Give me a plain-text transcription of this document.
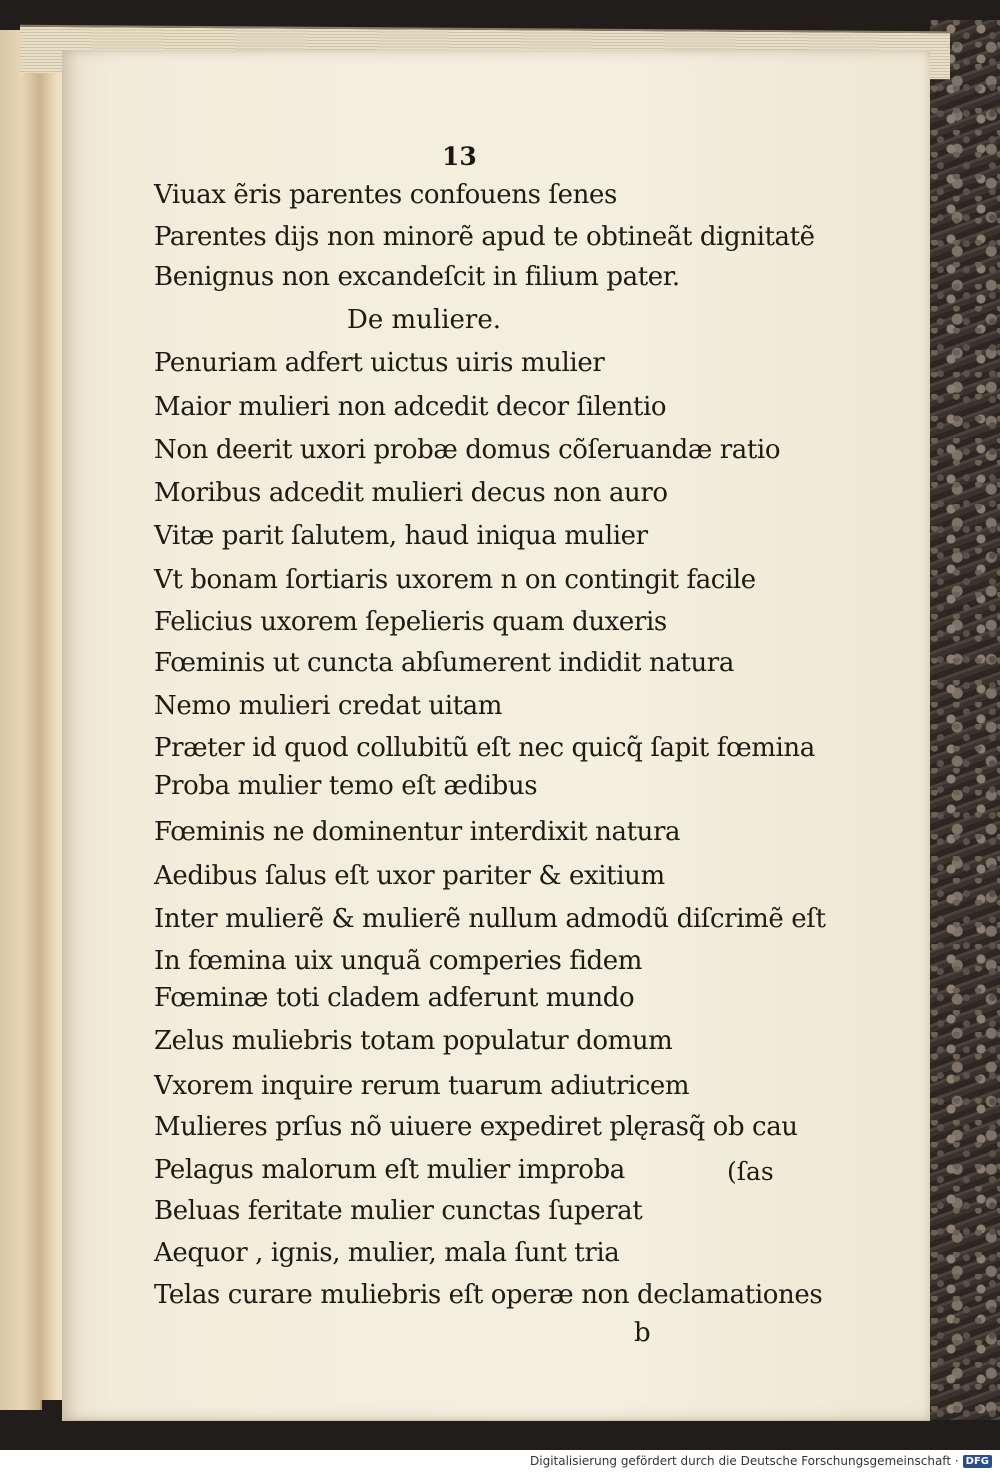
13
Viuax ẽris parentes confouens ſenes
Parentes dijs non minorẽ apud te obtineãt dignitatẽ
Benignus non excandeſcit in filium pater.
De muliere.
Penuriam adfert uictus uiris mulier
Maior mulieri non adcedit decor ſilentio
Non deerit uxori probæ domus cõſeruandæ ratio
Moribus adcedit mulieri decus non auro
Vitæ parit ſalutem, haud iniqua mulier
Vt bonam ſortiaris uxorem n on contingit facile
Felicius uxorem ſepelieris quam duxeris
Fœminis ut cuncta abſumerent indidit natura
Nemo mulieri credat uitam
Præter id quod collubitũ eſt nec quicq̃ ſapit fœmina
Proba mulier temo eſt ædibus
Fœminis ne dominentur interdixit natura
Aedibus ſalus eſt uxor pariter & exitium
Inter mulierẽ & mulierẽ nullum admodũ diſcrimẽ eſt
In fœmina uix unquã comperies fidem
Fœminæ toti cladem adferunt mundo
Zelus muliebris totam populatur domum
Vxorem inquire rerum tuarum adiutricem
Mulieres prſus nõ uiuere expediret plęrasq̃ ob cau
Pelagus malorum eſt mulier improba	(ſas
Beluas feritate mulier cunctas ſuperat
Aequor , ignis, mulier, mala ſunt tria
Telas curare muliebris eſt operæ non declamationes
b
Digitalisierung gefördert durch die Deutsche Forschungsgemeinschaft · DFG
